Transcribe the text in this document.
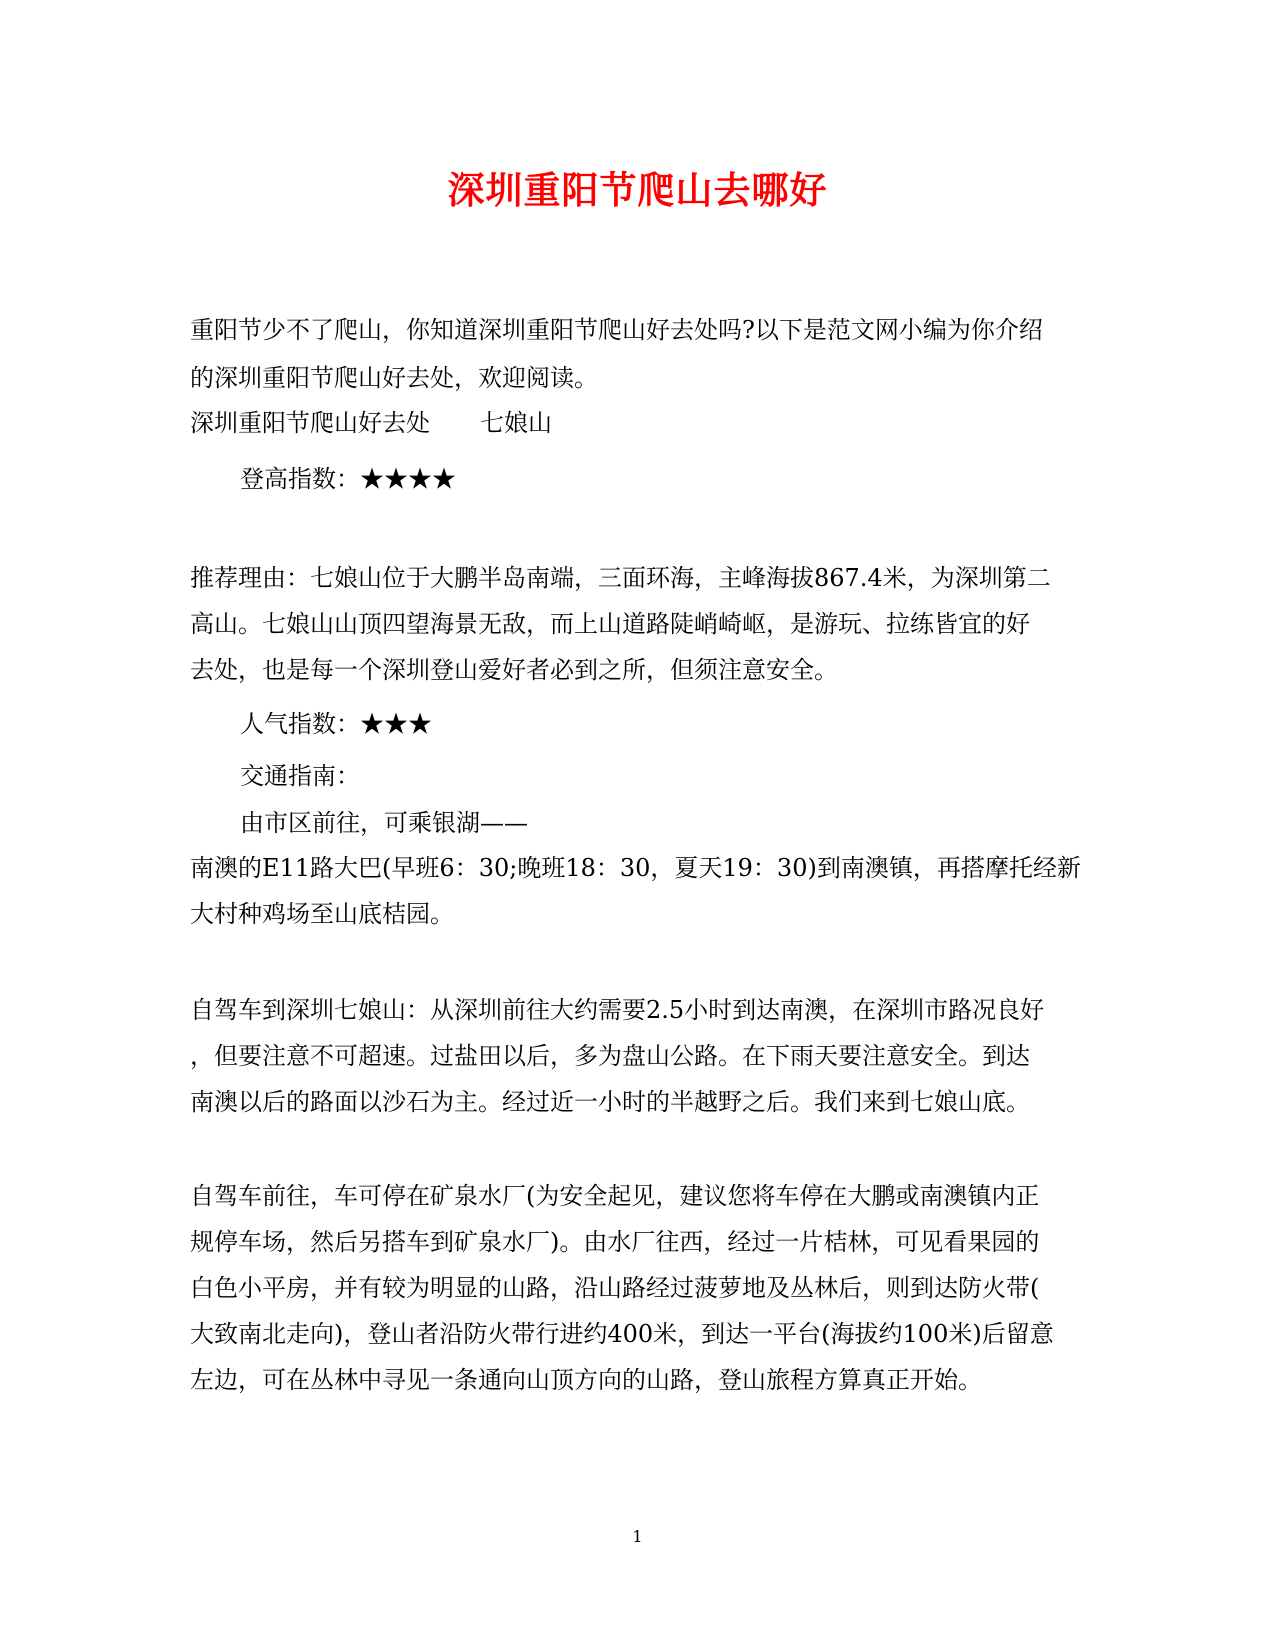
深圳重阳节爬山去哪好
重阳节少不了爬山，你知道深圳重阳节爬山好去处吗?以下是范文网小编为你介绍
的深圳重阳节爬山好去处，欢迎阅读。
深圳重阳节爬山好去处 七娘山
登高指数：★★★★
推荐理由：七娘山位于大鹏半岛南端，三面环海，主峰海拔867.4米，为深圳第二
高山。七娘山山顶四望海景无敌，而上山道路陡峭崎岖，是游玩、拉练皆宜的好
去处，也是每一个深圳登山爱好者必到之所，但须注意安全。
人气指数：★★★
交通指南：
由市区前往，可乘银湖——
南澳的E11路大巴(早班6：30;晚班18：30，夏天19：30)到南澳镇，再搭摩托经新
大村种鸡场至山底桔园。
自驾车到深圳七娘山：从深圳前往大约需要2.5小时到达南澳，在深圳市路况良好
，但要注意不可超速。过盐田以后，多为盘山公路。在下雨天要注意安全。到达
南澳以后的路面以沙石为主。经过近一小时的半越野之后。我们来到七娘山底。
自驾车前往，车可停在矿泉水厂(为安全起见，建议您将车停在大鹏或南澳镇内正
规停车场，然后另搭车到矿泉水厂)。由水厂往西，经过一片桔林，可见看果园的
白色小平房，并有较为明显的山路，沿山路经过菠萝地及丛林后，则到达防火带(
大致南北走向)，登山者沿防火带行进约400米，到达一平台(海拔约100米)后留意
左边，可在丛林中寻见一条通向山顶方向的山路，登山旅程方算真正开始。
1
